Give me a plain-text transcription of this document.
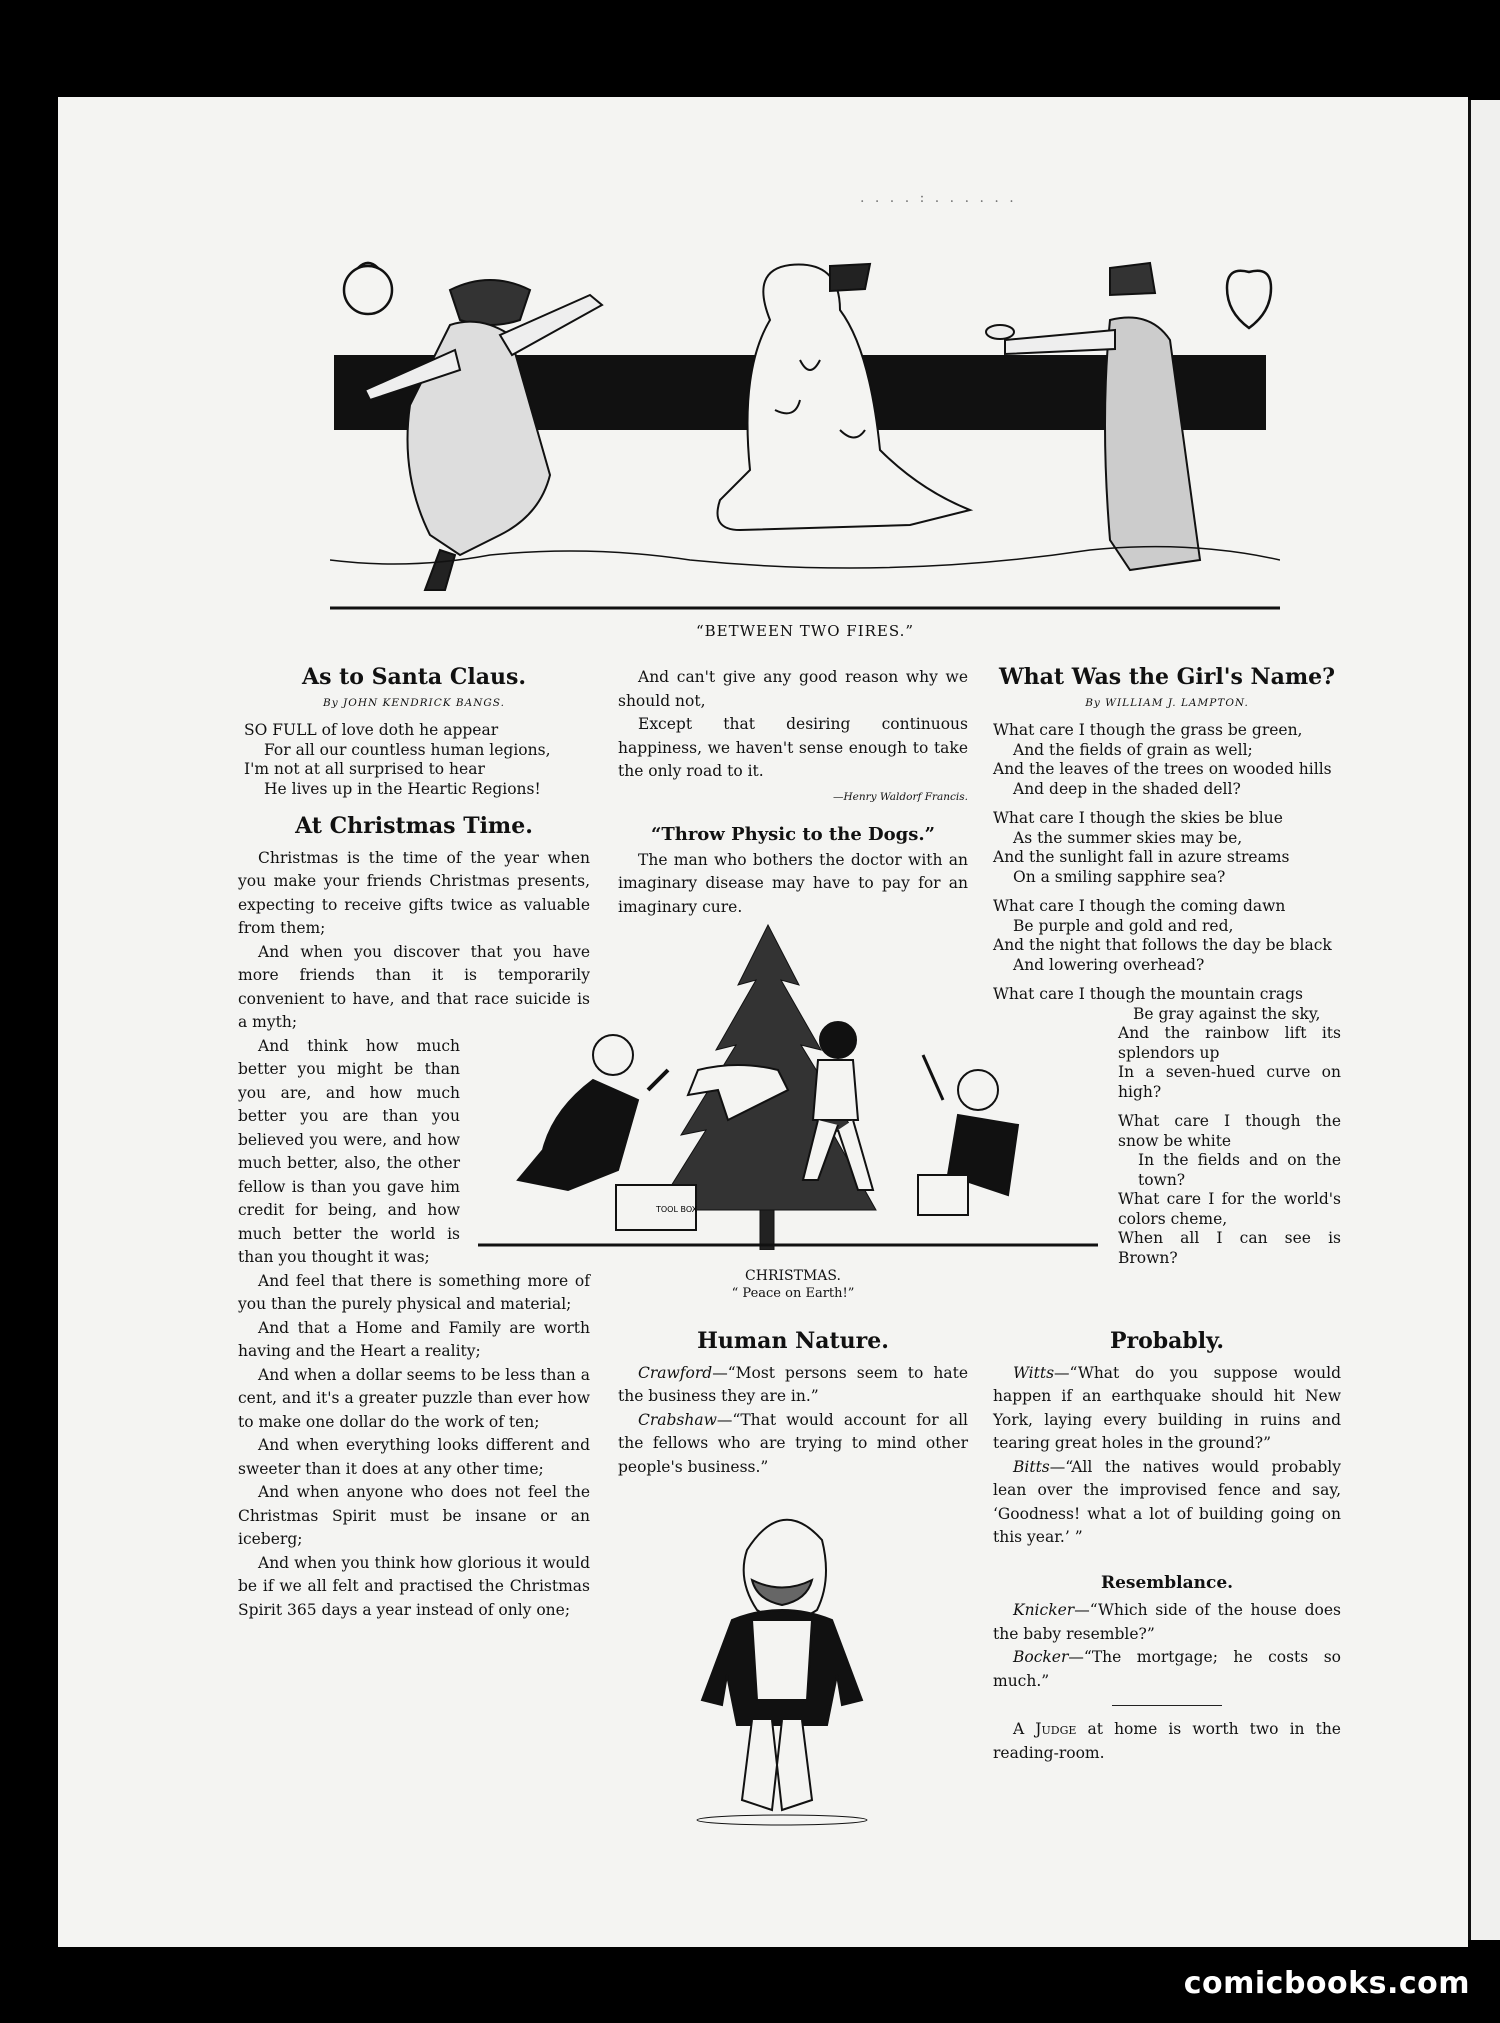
. . . . : . . . . . .
“BETWEEN TWO FIRES.”
As to Santa Claus.
By JOHN KENDRICK BANGS.
SO FULL of love doth he appear
For all our countless human legions,
I'm not at all surprised to hear
He lives up in the Heartic Regions!
At Christmas Time.

Christmas is the time of the year when you make your friends Christmas presents, expecting to receive gifts twice as valuable from them;

And when you discover that you have more friends than it is temporarily convenient to have, and that race suicide is a myth;

And think how much better you might be than you are, and how much better you are than you believed you were, and how much better, also, the other fellow is than you gave him credit for being, and how much better the world is than you thought it was;

And feel that there is something more of you than the purely physical and material;

And that a Home and Family are worth having and the Heart a reality;

And when a dollar seems to be less than a cent, and it's a greater puzzle than ever how to make one dollar do the work of ten;

And when everything looks different and sweeter than it does at any other time;

And when anyone who does not feel the Christmas Spirit must be insane or an iceberg;

And when you think how glorious it would be if we all felt and practised the Christmas Spirit 365 days a year instead of only one;

And can't give any good reason why we should not,

Except that desiring continuous happiness, we haven't sense enough to take the only road to it.

—Henry Waldorf Francis.
“Throw Physic to the Dogs.”

The man who bothers the doctor with an imaginary disease may have to pay for an imaginary cure.

TOOL BOX
CHRISTMAS.
“ Peace on Earth!”
What Was the Girl's Name?
By WILLIAM J. LAMPTON.
What care I though the grass be green,
And the fields of grain as well;
And the leaves of the trees on wooded hills
And deep in the shaded dell?
What care I though the skies be blue
As the summer skies may be,
And the sunlight fall in azure streams
On a smiling sapphire sea?
What care I though the coming dawn
Be purple and gold and red,
And the night that follows the day be black
And lowering overhead?
What care I though the mountain crags
Be gray against the sky,
And the rainbow lift its splendors up
In a seven-hued curve on high?
What care I though the snow be white
In the fields and on the town?
What care I for the world's colors cheme,
When all I can see is Brown?
Human Nature.

Crawford—“Most persons seem to hate the business they are in.”

Crabshaw—“That would account for all the fellows who are trying to mind other people's business.”

Probably.

Witts—“What do you suppose would happen if an earthquake should hit New York, laying every building in ruins and tearing great holes in the ground?”

Bitts—“All the natives would probably lean over the improvised fence and say, ‘Goodness! what a lot of building going on this year.’ ”

Resemblance.

Knicker—“Which side of the house does the baby resemble?”

Bocker—“The mortgage; he costs so much.”

A Judge at home is worth two in the reading-room.

comicbooks.com
